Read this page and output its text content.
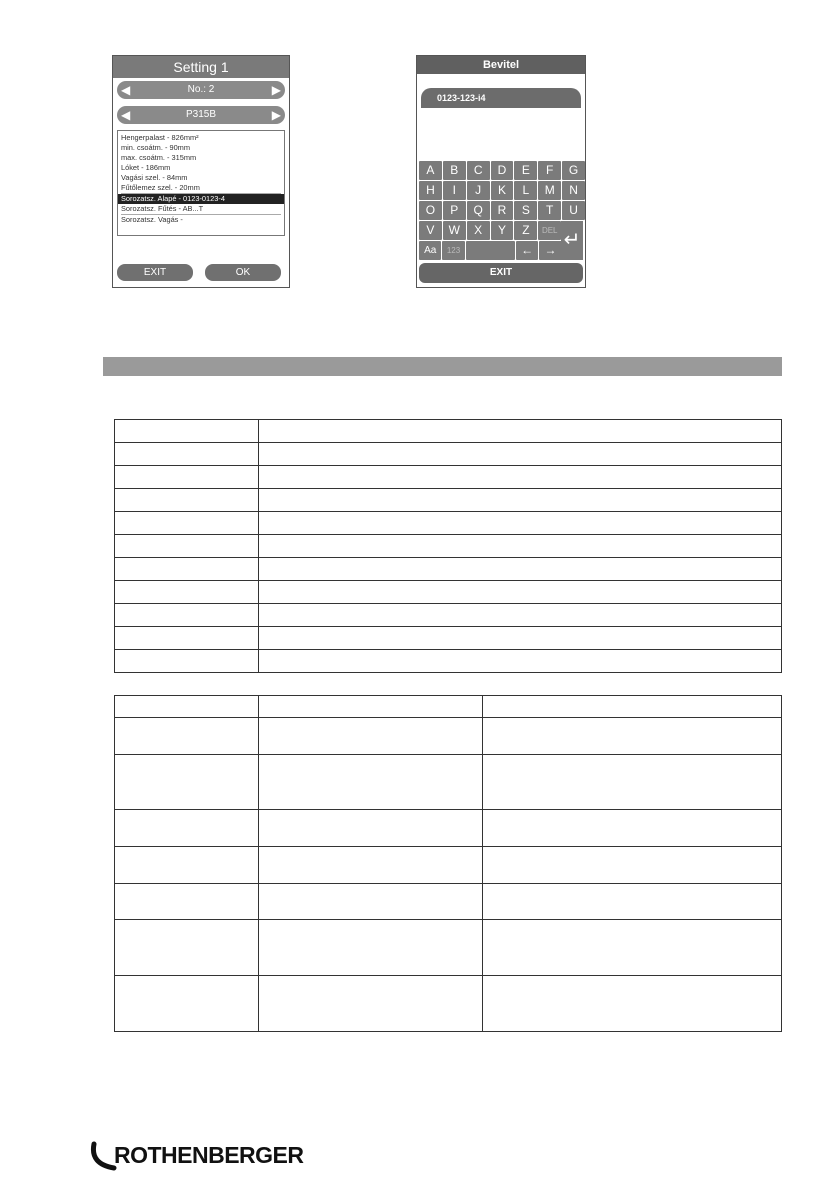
Setting 1
◀	No.: 2	▶
◀	P315B	▶
Hengerpalast - 826mm²
min. csoátm. - 90mm
max. csoátm. - 315mm
Lóket - 186mm
Vagási szel. - 84mm
Fűtőlemez szel. - 20mm
Sorozatsz. Alapé - 0123-0123-4
Sorozatsz. Fűtés - AB...T
Sorozatsz. Vagás -
EXIT	OK
Bevitel
0123-123-i4
A	B	C	D	E	F	G
H	I	J	K	L	M	N
O	P	Q	R	S	T	U
V	W	X	Y	Z	DEL
Aa	123	← → ↵
EXIT

ROTHENBERGER
